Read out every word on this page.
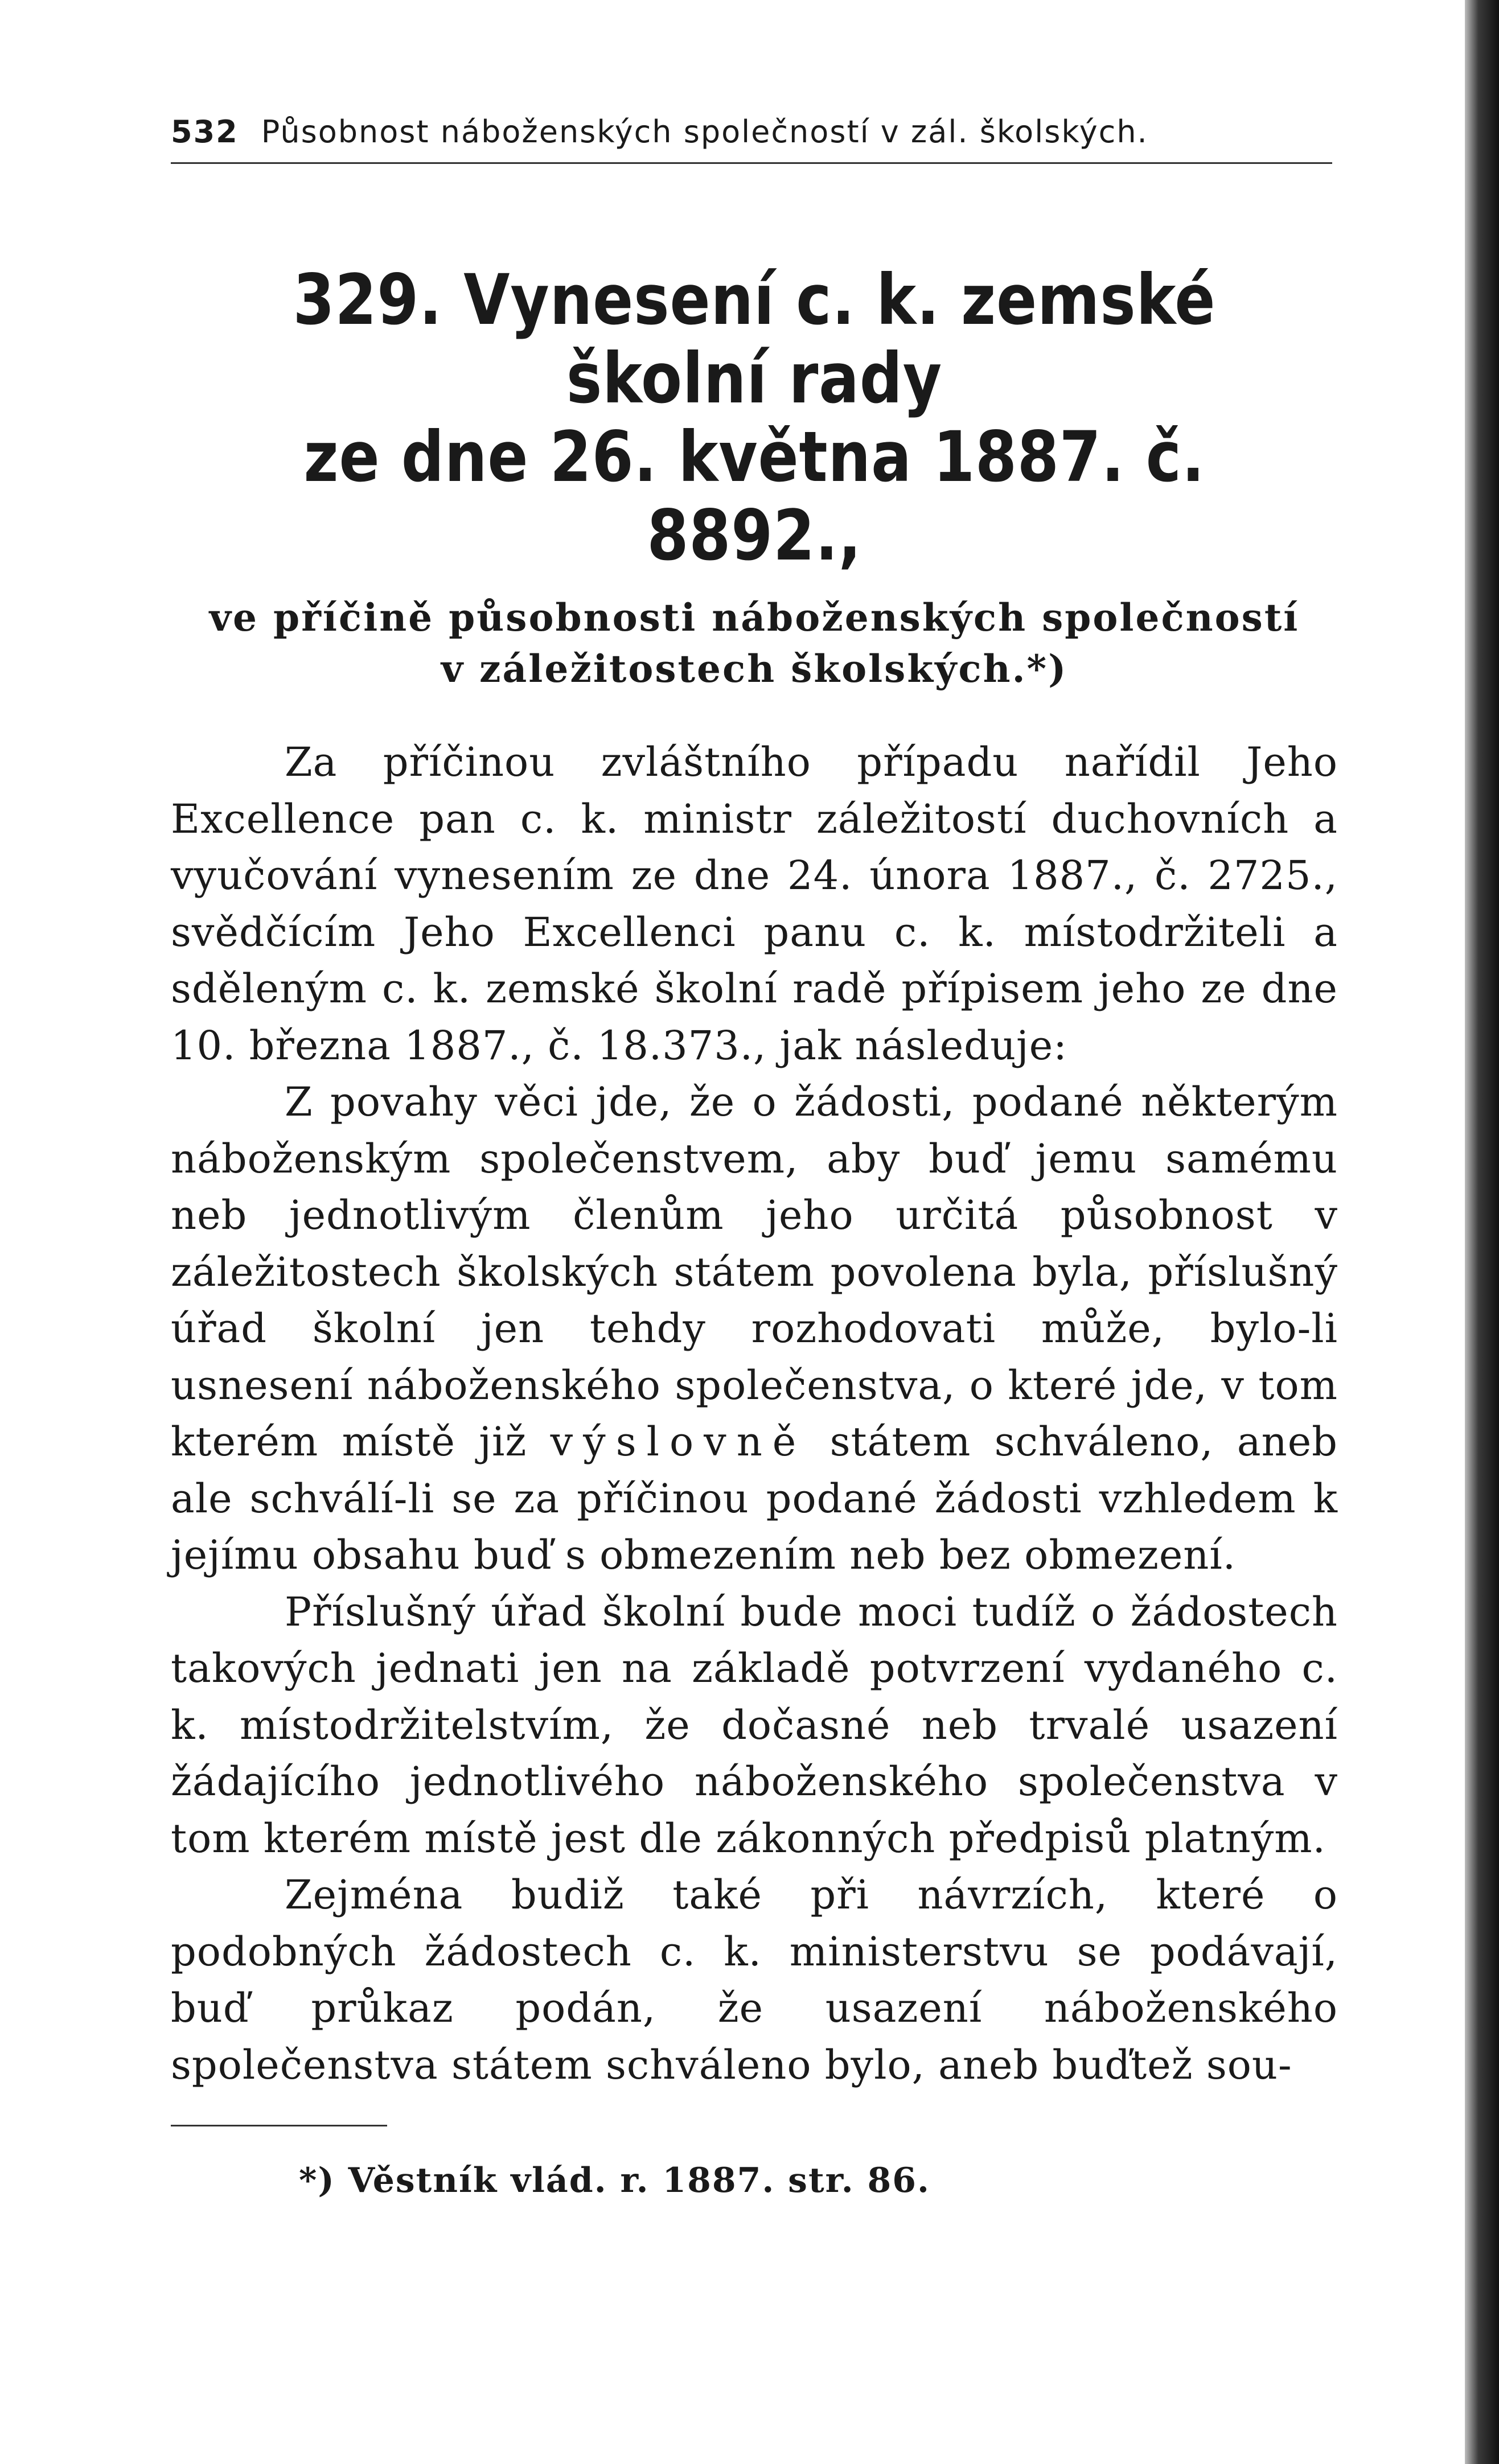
532 Působnost náboženských společností v zál. školských.
329. Vynesení c. k. zemské školní rady
ze dne 26. května 1887. č. 8892.,
ve příčině působnosti náboženských společností
v záležitostech školských.*)

Za příčinou zvláštního případu nařídil Jeho Excellence pan c. k. ministr záležitostí duchovních a vyučování vynesením ze dne 24. února 1887., č. 2725., svědčícím Jeho Excellenci panu c. k. místodržiteli a sděleným c. k. zemské školní radě přípisem jeho ze dne 10. března 1887., č. 18.373., jak následuje:

Z povahy věci jde, že o žádosti, podané některým náboženským společenstvem, aby buď jemu samému neb jednotlivým členům jeho určitá působnost v záležitostech školských státem povolena byla, příslušný úřad školní jen tehdy rozhodovati může, bylo-li usnesení náboženského společenstva, o které jde, v tom kterém místě již výslovně státem schváleno, aneb ale schválí-li se za příčinou podané žádosti vzhledem k jejímu obsahu buď s obmezením neb bez obmezení.

Příslušný úřad školní bude moci tudíž o žádostech takových jednati jen na základě potvrzení vydaného c. k. místodržitelstvím, že dočasné neb trvalé usazení žádajícího jednotlivého náboženského společenstva v tom kterém místě jest dle zákonných předpisů platným.

Zejména budiž také při návrzích, které o podobných žádostech c. k. ministerstvu se podávají, buď průkaz podán, že usazení náboženského společenstva státem schváleno bylo, aneb buďtež sou-

*) Věstník vlád. r. 1887. str. 86.
